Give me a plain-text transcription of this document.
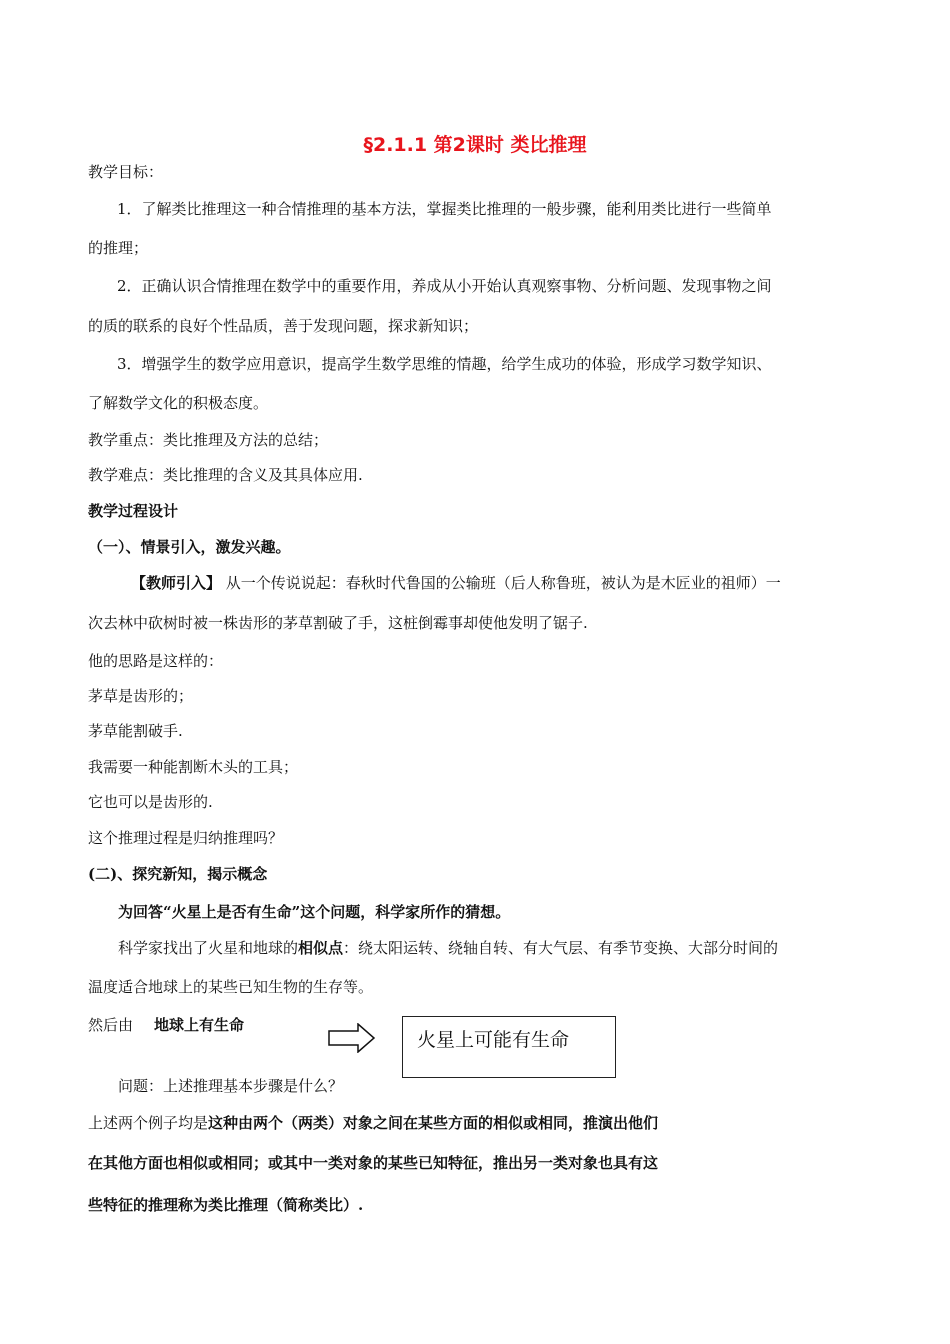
§2.1.1 第2课时 类比推理
教学目标：
1．了解类比推理这一种合情推理的基本方法，掌握类比推理的一般步骤，能利用类比进行一些简单
的推理；
2．正确认识合情推理在数学中的重要作用，养成从小开始认真观察事物、分析问题、发现事物之间
的质的联系的良好个性品质，善于发现问题，探求新知识；
3．增强学生的数学应用意识，提高学生数学思维的情趣，给学生成功的体验，形成学习数学知识、
了解数学文化的积极态度。
教学重点：类比推理及方法的总结；
教学难点：类比推理的含义及其具体应用.
教学过程设计
（一）、情景引入，激发兴趣。
【教师引入】 从一个传说说起：春秋时代鲁国的公输班（后人称鲁班，被认为是木匠业的祖师）一
次去林中砍树时被一株齿形的茅草割破了手，这桩倒霉事却使他发明了锯子.
他的思路是这样的：
茅草是齿形的；
茅草能割破手.
我需要一种能割断木头的工具；
它也可以是齿形的.
这个推理过程是归纳推理吗？
(二)、探究新知，揭示概念
为回答“火星上是否有生命”这个问题，科学家所作的猜想。
科学家找出了火星和地球的相似点：绕太阳运转、绕轴自转、有大气层、有季节变换、大部分时间的
温度适合地球上的某些已知生物的生存等。
然后由 地球上有生命
火星上可能有生命
问题：上述推理基本步骤是什么？
上述两个例子均是这种由两个（两类）对象之间在某些方面的相似或相同，推演出他们
在其他方面也相似或相同；或其中一类对象的某些已知特征，推出另一类对象也具有这
些特征的推理称为类比推理（简称类比）.
